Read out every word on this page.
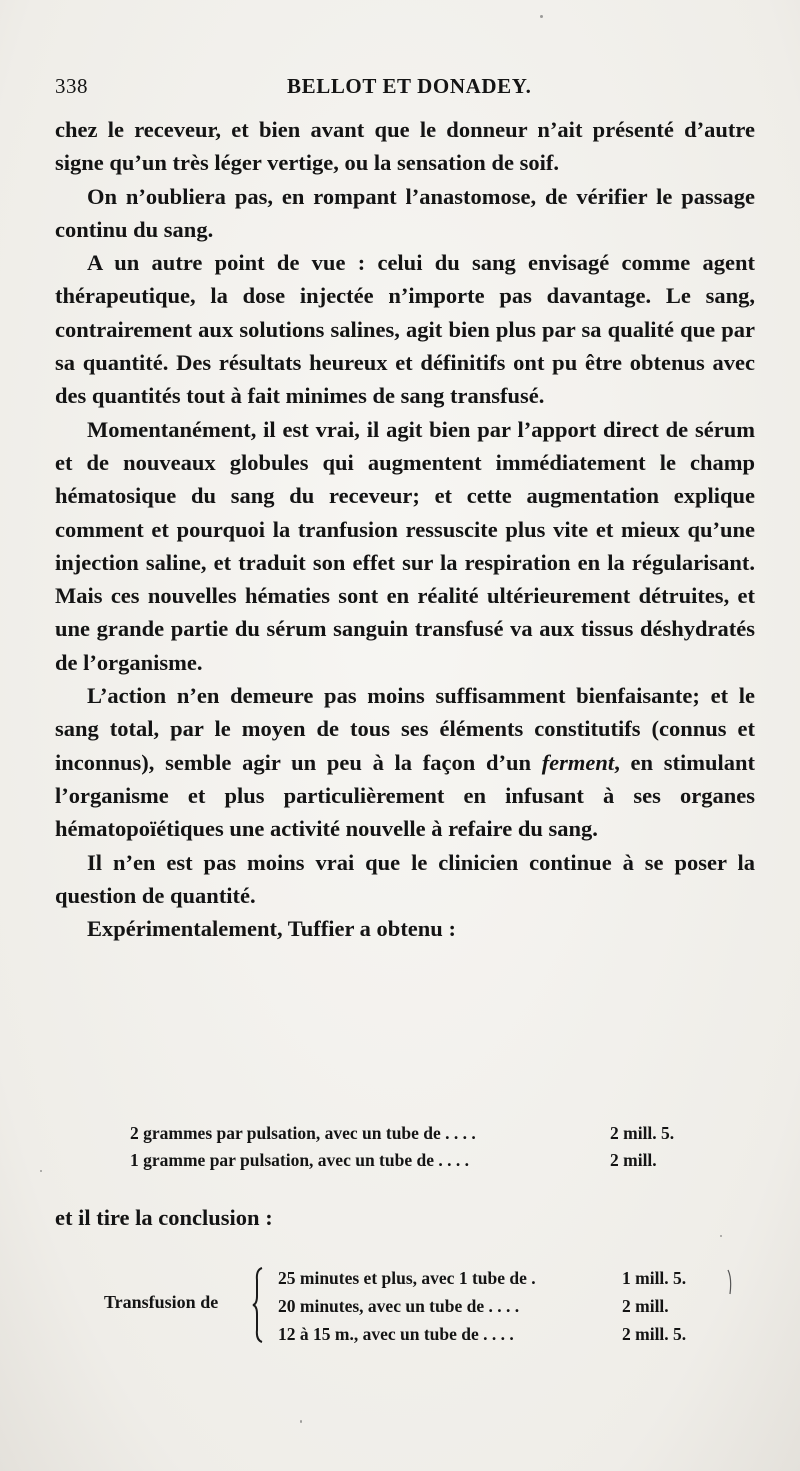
338	BELLOT ET DONADEY.

chez le receveur, et bien avant que le donneur n’ait présenté d’autre signe qu’un très léger vertige, ou la sensation de soif.

On n’oubliera pas, en rompant l’anastomose, de vérifier le passage continu du sang.

A un autre point de vue : celui du sang envisagé comme agent thérapeutique, la dose injectée n’importe pas davantage. Le sang, contrairement aux solutions salines, agit bien plus par sa qualité que par sa quantité. Des résultats heureux et définitifs ont pu être obtenus avec des quantités tout à fait minimes de sang transfusé.

Momentanément, il est vrai, il agit bien par l’apport direct de sérum et de nouveaux globules qui augmentent immédiatement le champ hématosique du sang du receveur; et cette augmentation explique comment et pourquoi la tranfusion ressuscite plus vite et mieux qu’une injection saline, et traduit son effet sur la respiration en la régularisant. Mais ces nouvelles hématies sont en réalité ultérieurement détruites, et une grande partie du sérum sanguin transfusé va aux tissus déshydratés de l’organisme.

L’action n’en demeure pas moins suffisamment bienfaisante; et le sang total, par le moyen de tous ses éléments constitutifs (connus et inconnus), semble agir un peu à la façon d’un ferment, en stimulant l’organisme et plus particulièrement en infusant à ses organes hématopoïétiques une activité nouvelle à refaire du sang.

Il n’en est pas moins vrai que le clinicien continue à se poser la question de quantité.

Expérimentalement, Tuffier a obtenu :

2 grammes par pulsation, avec un tube de . . . .	2 mill. 5.
1 gramme par pulsation, avec un tube de . . . .	2 mill.
et il tire la conclusion :
Transfusion de
25 minutes et plus, avec 1 tube de .	1 mill. 5.
20 minutes, avec un tube de . . . .	2 mill.
12 à 15 m., avec un tube de . . . .	2 mill. 5.
